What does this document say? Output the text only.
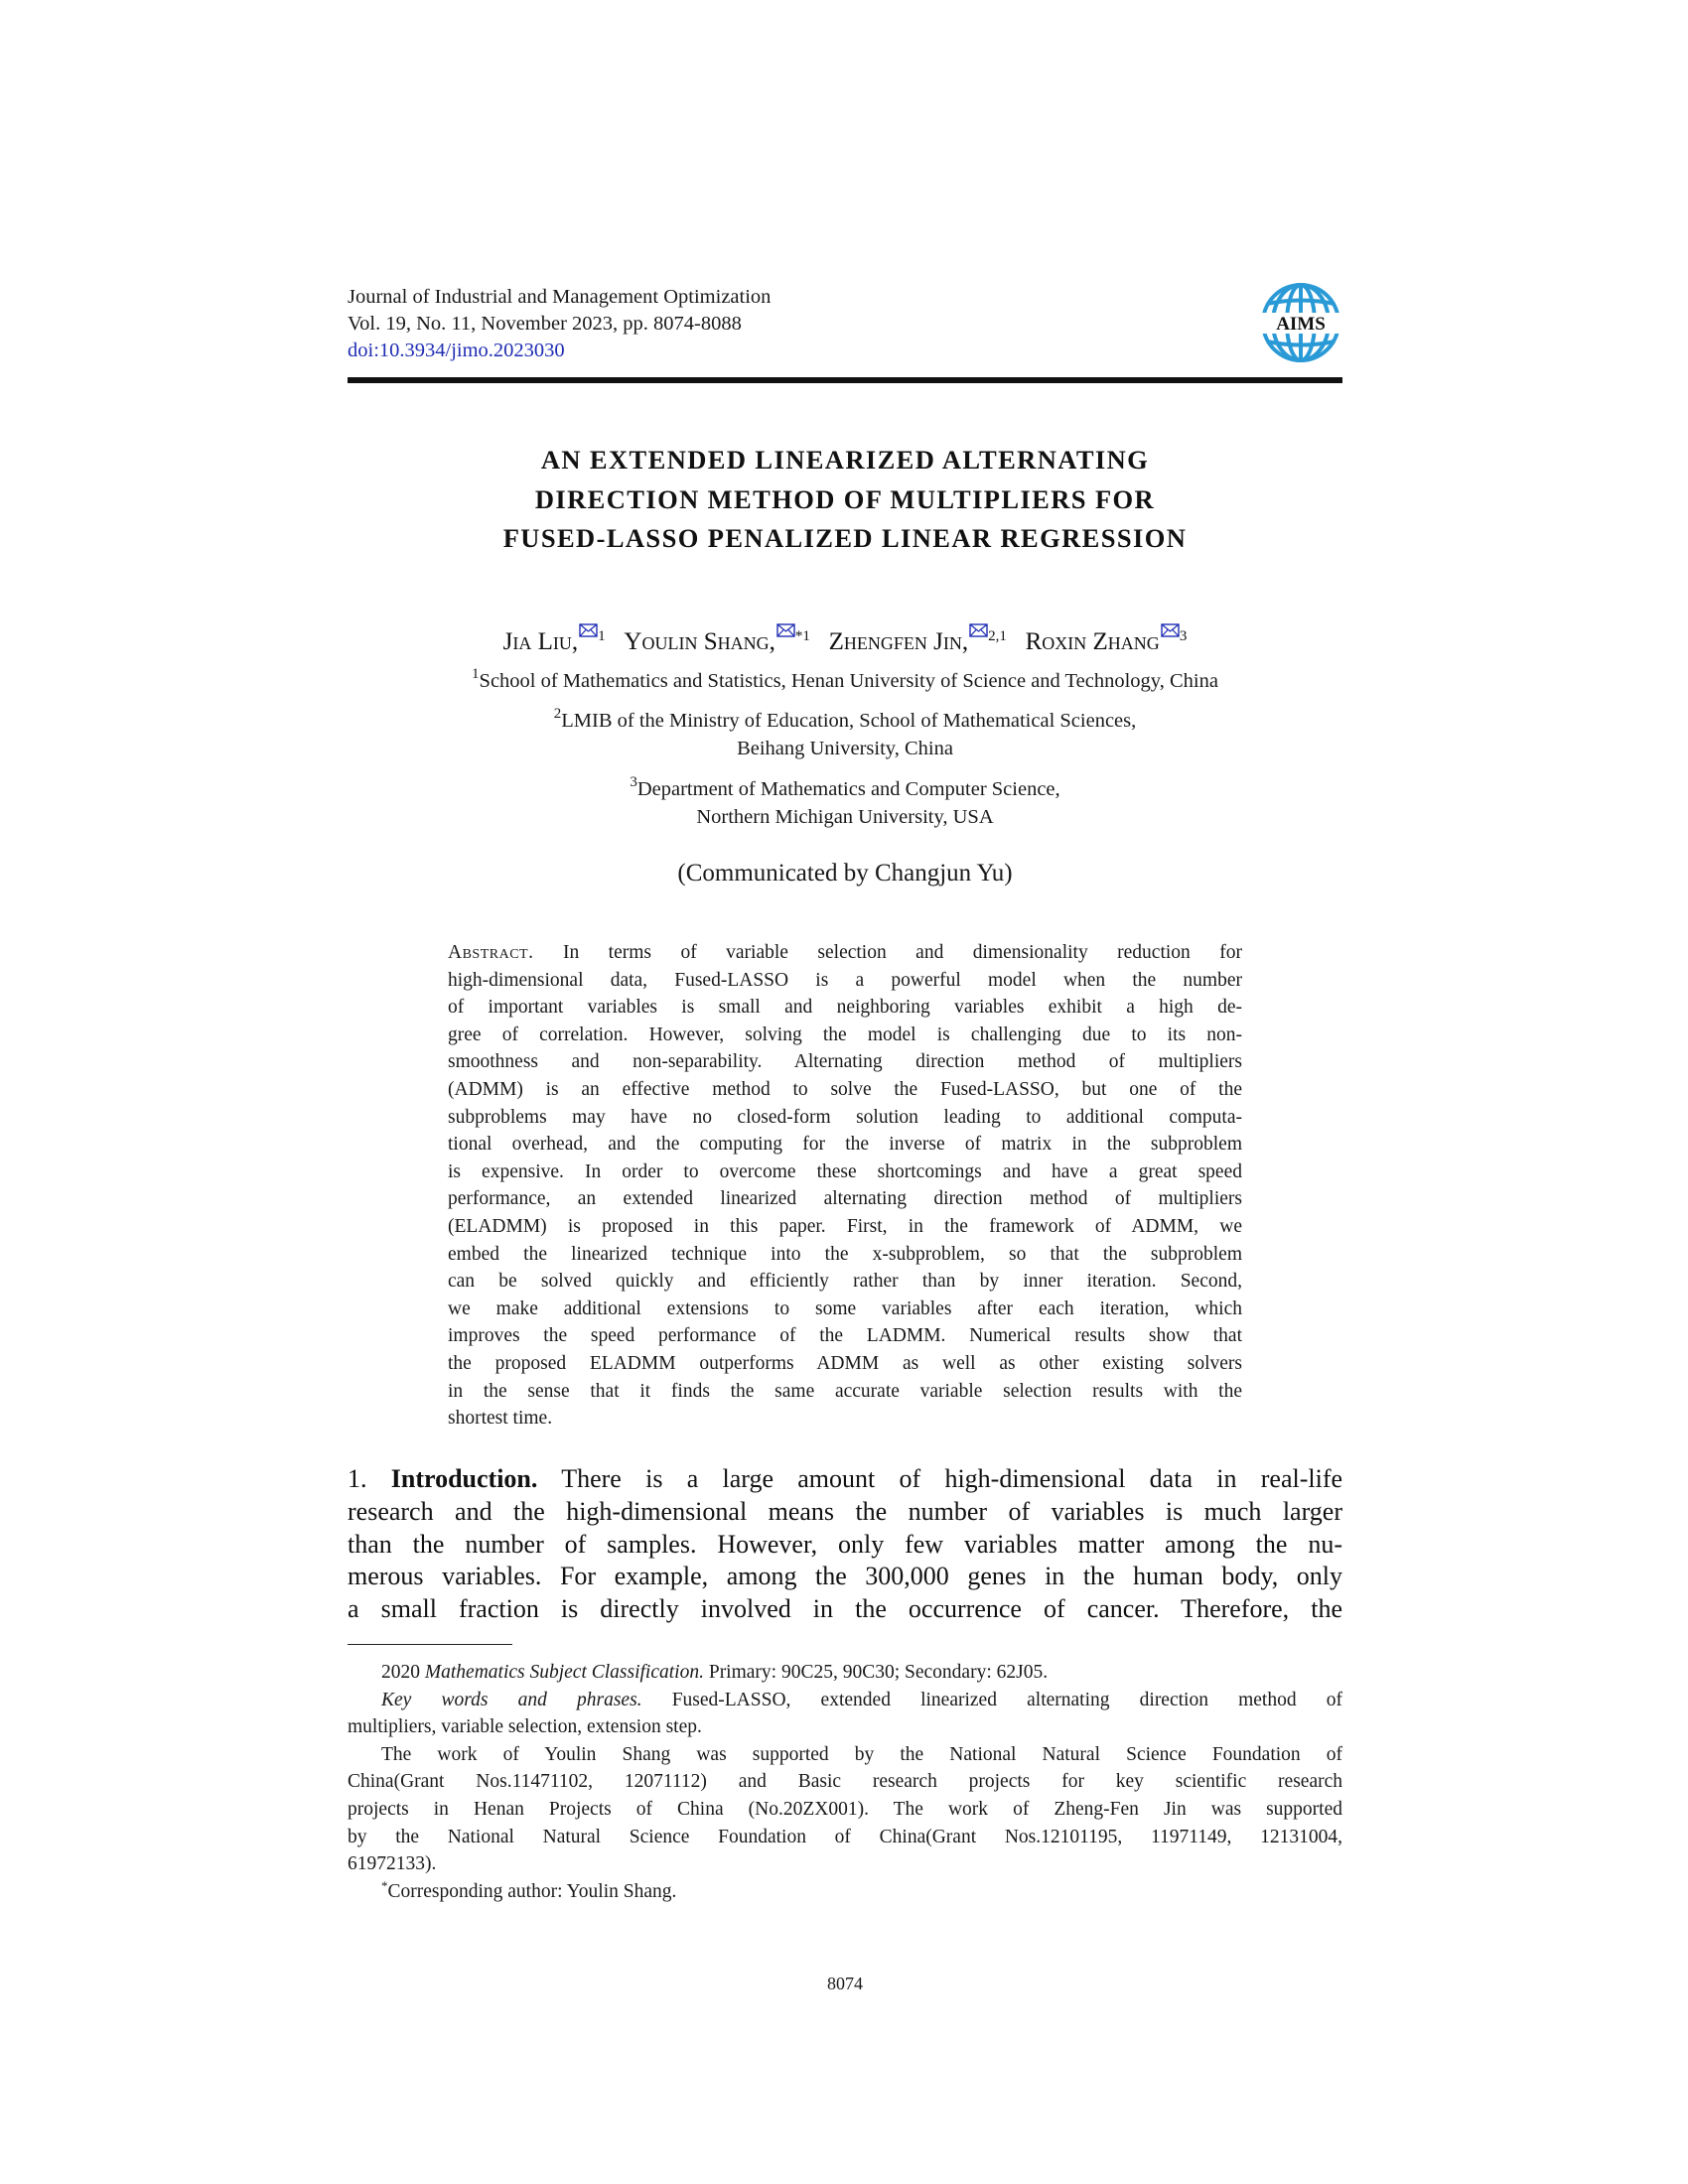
Journal of Industrial and Management Optimization
Vol. 19, No. 11, November 2023, pp. 8074-8088
doi:10.3934/jimo.2023030
AIMS
AN EXTENDED LINEARIZED ALTERNATING
DIRECTION METHOD OF MULTIPLIERS FOR
FUSED-LASSO PENALIZED LINEAR REGRESSION
Jia Liu, $^1$ Youlin Shang, $^{*1}$ Zhengfen Jin, $^{2,1}$ Roxin Zhang $^3$
$^1$School of Mathematics and Statistics, Henan University of Science and Technology, China
$^2$LMIB of the Ministry of Education, School of Mathematical Sciences,
Beihang University, China
$^3$Department of Mathematics and Computer Science,
Northern Michigan University, USA
(Communicated by Changjun Yu)
Abstract. In terms of variable selection and dimensionality reduction for
high-dimensional data, Fused-LASSO is a powerful model when the number
of important variables is small and neighboring variables exhibit a high de-
gree of correlation. However, solving the model is challenging due to its non-
smoothness and non-separability. Alternating direction method of multipliers
(ADMM) is an effective method to solve the Fused-LASSO, but one of the
subproblems may have no closed-form solution leading to additional computa-
tional overhead, and the computing for the inverse of matrix in the subproblem
is expensive. In order to overcome these shortcomings and have a great speed
performance, an extended linearized alternating direction method of multipliers
(ELADMM) is proposed in this paper. First, in the framework of ADMM, we
embed the linearized technique into the x-subproblem, so that the subproblem
can be solved quickly and efficiently rather than by inner iteration. Second,
we make additional extensions to some variables after each iteration, which
improves the speed performance of the LADMM. Numerical results show that
the proposed ELADMM outperforms ADMM as well as other existing solvers
in the sense that it finds the same accurate variable selection results with the
shortest time.
1. Introduction. There is a large amount of high-dimensional data in real-life
research and the high-dimensional means the number of variables is much larger
than the number of samples. However, only few variables matter among the nu-
merous variables. For example, among the 300,000 genes in the human body, only
a small fraction is directly involved in the occurrence of cancer. Therefore, the
2020 Mathematics Subject Classification. Primary: 90C25, 90C30; Secondary: 62J05.
Key words and phrases. Fused-LASSO, extended linearized alternating direction method of
multipliers, variable selection, extension step.
The work of Youlin Shang was supported by the National Natural Science Foundation of
China(Grant Nos.11471102, 12071112) and Basic research projects for key scientific research
projects in Henan Projects of China (No.20ZX001). The work of Zheng-Fen Jin was supported
by the National Natural Science Foundation of China(Grant Nos.12101195, 11971149, 12131004,
61972133).
*Corresponding author: Youlin Shang.
8074
